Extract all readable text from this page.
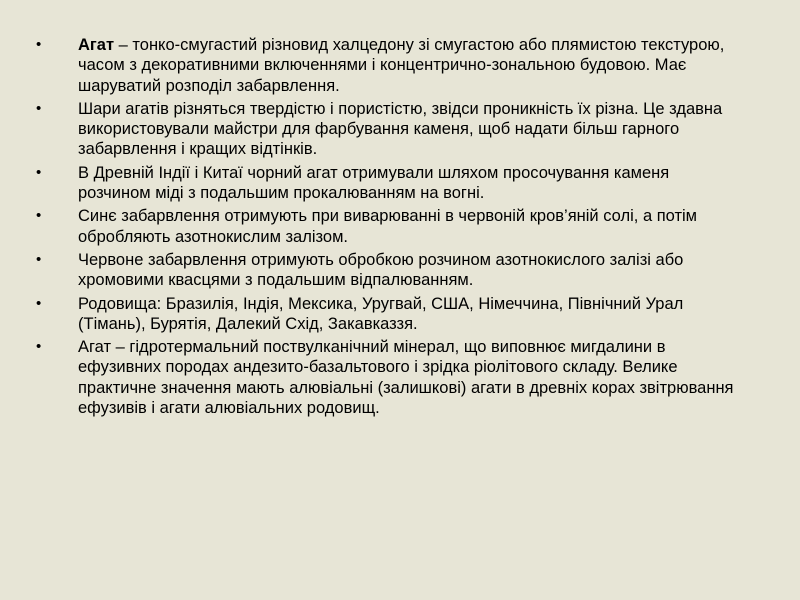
• Агат – тонко-смугастий різновид халцедону зі смугастою або плямистою текстурою, часом з декоративними включеннями і концентрично-зональною будовою. Має шаруватий розподіл забарвлення.
• Шари агатів різняться твердістю і пористістю, звідси проникність їх різна. Це здавна використовували майстри для фарбування каменя, щоб надати більш гарного забарвлення і кращих відтінків.
• В Древній Індії і Китаї чорний агат отримували шляхом просочування каменя розчином міді з подальшим прокалюванням на вогні.
• Синє забарвлення отримують при виварюванні в червоній кров’яній солі, а потім обробляють азотнокислим залізом.
• Червоне забарвлення отримують обробкою розчином азотнокислого залізі або хромовими квасцями з подальшим відпалюванням.
• Родовища: Бразилія, Індія, Мексика, Уругвай, США, Німеччина, Північний Урал (Тімань), Бурятія, Далекий Схід, Закавказзя.
• Агат – гідротермальний поствулканічний мінерал, що виповнює мигдалини в ефузивних породах андезито-базальтового і зрідка ріолітового складу. Велике практичне значення мають алювіальні (залишкові) агати в древніх корах звітрювання ефузивів і агати алювіальних родовищ.
